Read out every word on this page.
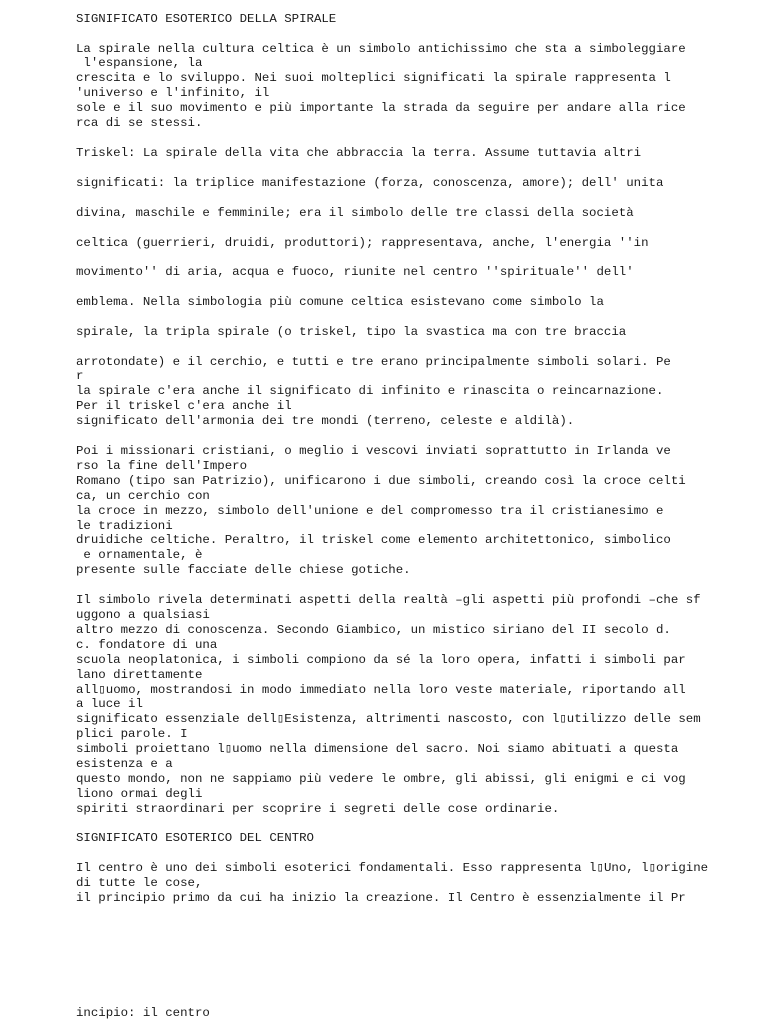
SIGNIFICATO ESOTERICO DELLA SPIRALE

La spirale nella cultura celtica è un simbolo antichissimo che sta a simboleggiare

l'espansione, la

crescita e lo sviluppo. Nei suoi molteplici significati la spirale rappresenta l

'universo e l'infinito, il

sole e il suo movimento e più importante la strada da seguire per andare alla rice

rca di se stessi.

Triskel: La spirale della vita che abbraccia la terra. Assume tuttavia altri

significati: la triplice manifestazione (forza, conoscenza, amore); dell' unita

divina, maschile e femminile; era il simbolo delle tre classi della società

celtica (guerrieri, druidi, produttori); rappresentava, anche, l'energia ''in

movimento'' di aria, acqua e fuoco, riunite nel centro ''spirituale'' dell'

emblema. Nella simbologia più comune celtica esistevano come simbolo la

spirale, la tripla spirale (o triskel, tipo la svastica ma con tre braccia

arrotondate) e il cerchio, e tutti e tre erano principalmente simboli solari. Pe

r

la spirale c'era anche il significato di infinito e rinascita o reincarnazione.

Per il triskel c'era anche il

significato dell'armonia dei tre mondi (terreno, celeste e aldilà).

Poi i missionari cristiani, o meglio i vescovi inviati soprattutto in Irlanda ve

rso la fine dell'Impero

Romano (tipo san Patrizio), unificarono i due simboli, creando così la croce celti

ca, un cerchio con

la croce in mezzo, simbolo dell'unione e del compromesso tra il cristianesimo e

le tradizioni

druidiche celtiche. Peraltro, il triskel come elemento architettonico, simbolico

e ornamentale, è

presente sulle facciate delle chiese gotiche.

Il simbolo rivela determinati aspetti della realtà –gli aspetti più profondi –che sf

uggono a qualsiasi

altro mezzo di conoscenza. Secondo Giambico, un mistico siriano del II secolo d.

c. fondatore di una

scuola neoplatonica, i simboli compiono da sé la loro opera, infatti i simboli par

lano direttamente

all▯uomo, mostrandosi in modo immediato nella loro veste materiale, riportando all

a luce il

significato essenziale dell▯Esistenza, altrimenti nascosto, con l▯utilizzo delle sem

plici parole. I

simboli proiettano l▯uomo nella dimensione del sacro. Noi siamo abituati a questa

esistenza e a

questo mondo, non ne sappiamo più vedere le ombre, gli abissi, gli enigmi e ci vog

liono ormai degli

spiriti straordinari per scoprire i segreti delle cose ordinarie.

SIGNIFICATO ESOTERICO DEL CENTRO

Il centro è uno dei simboli esoterici fondamentali. Esso rappresenta l▯Uno, l▯origine

di tutte le cose,

il principio primo da cui ha inizio la creazione. Il Centro è essenzialmente il Pr

incipio: il centro
